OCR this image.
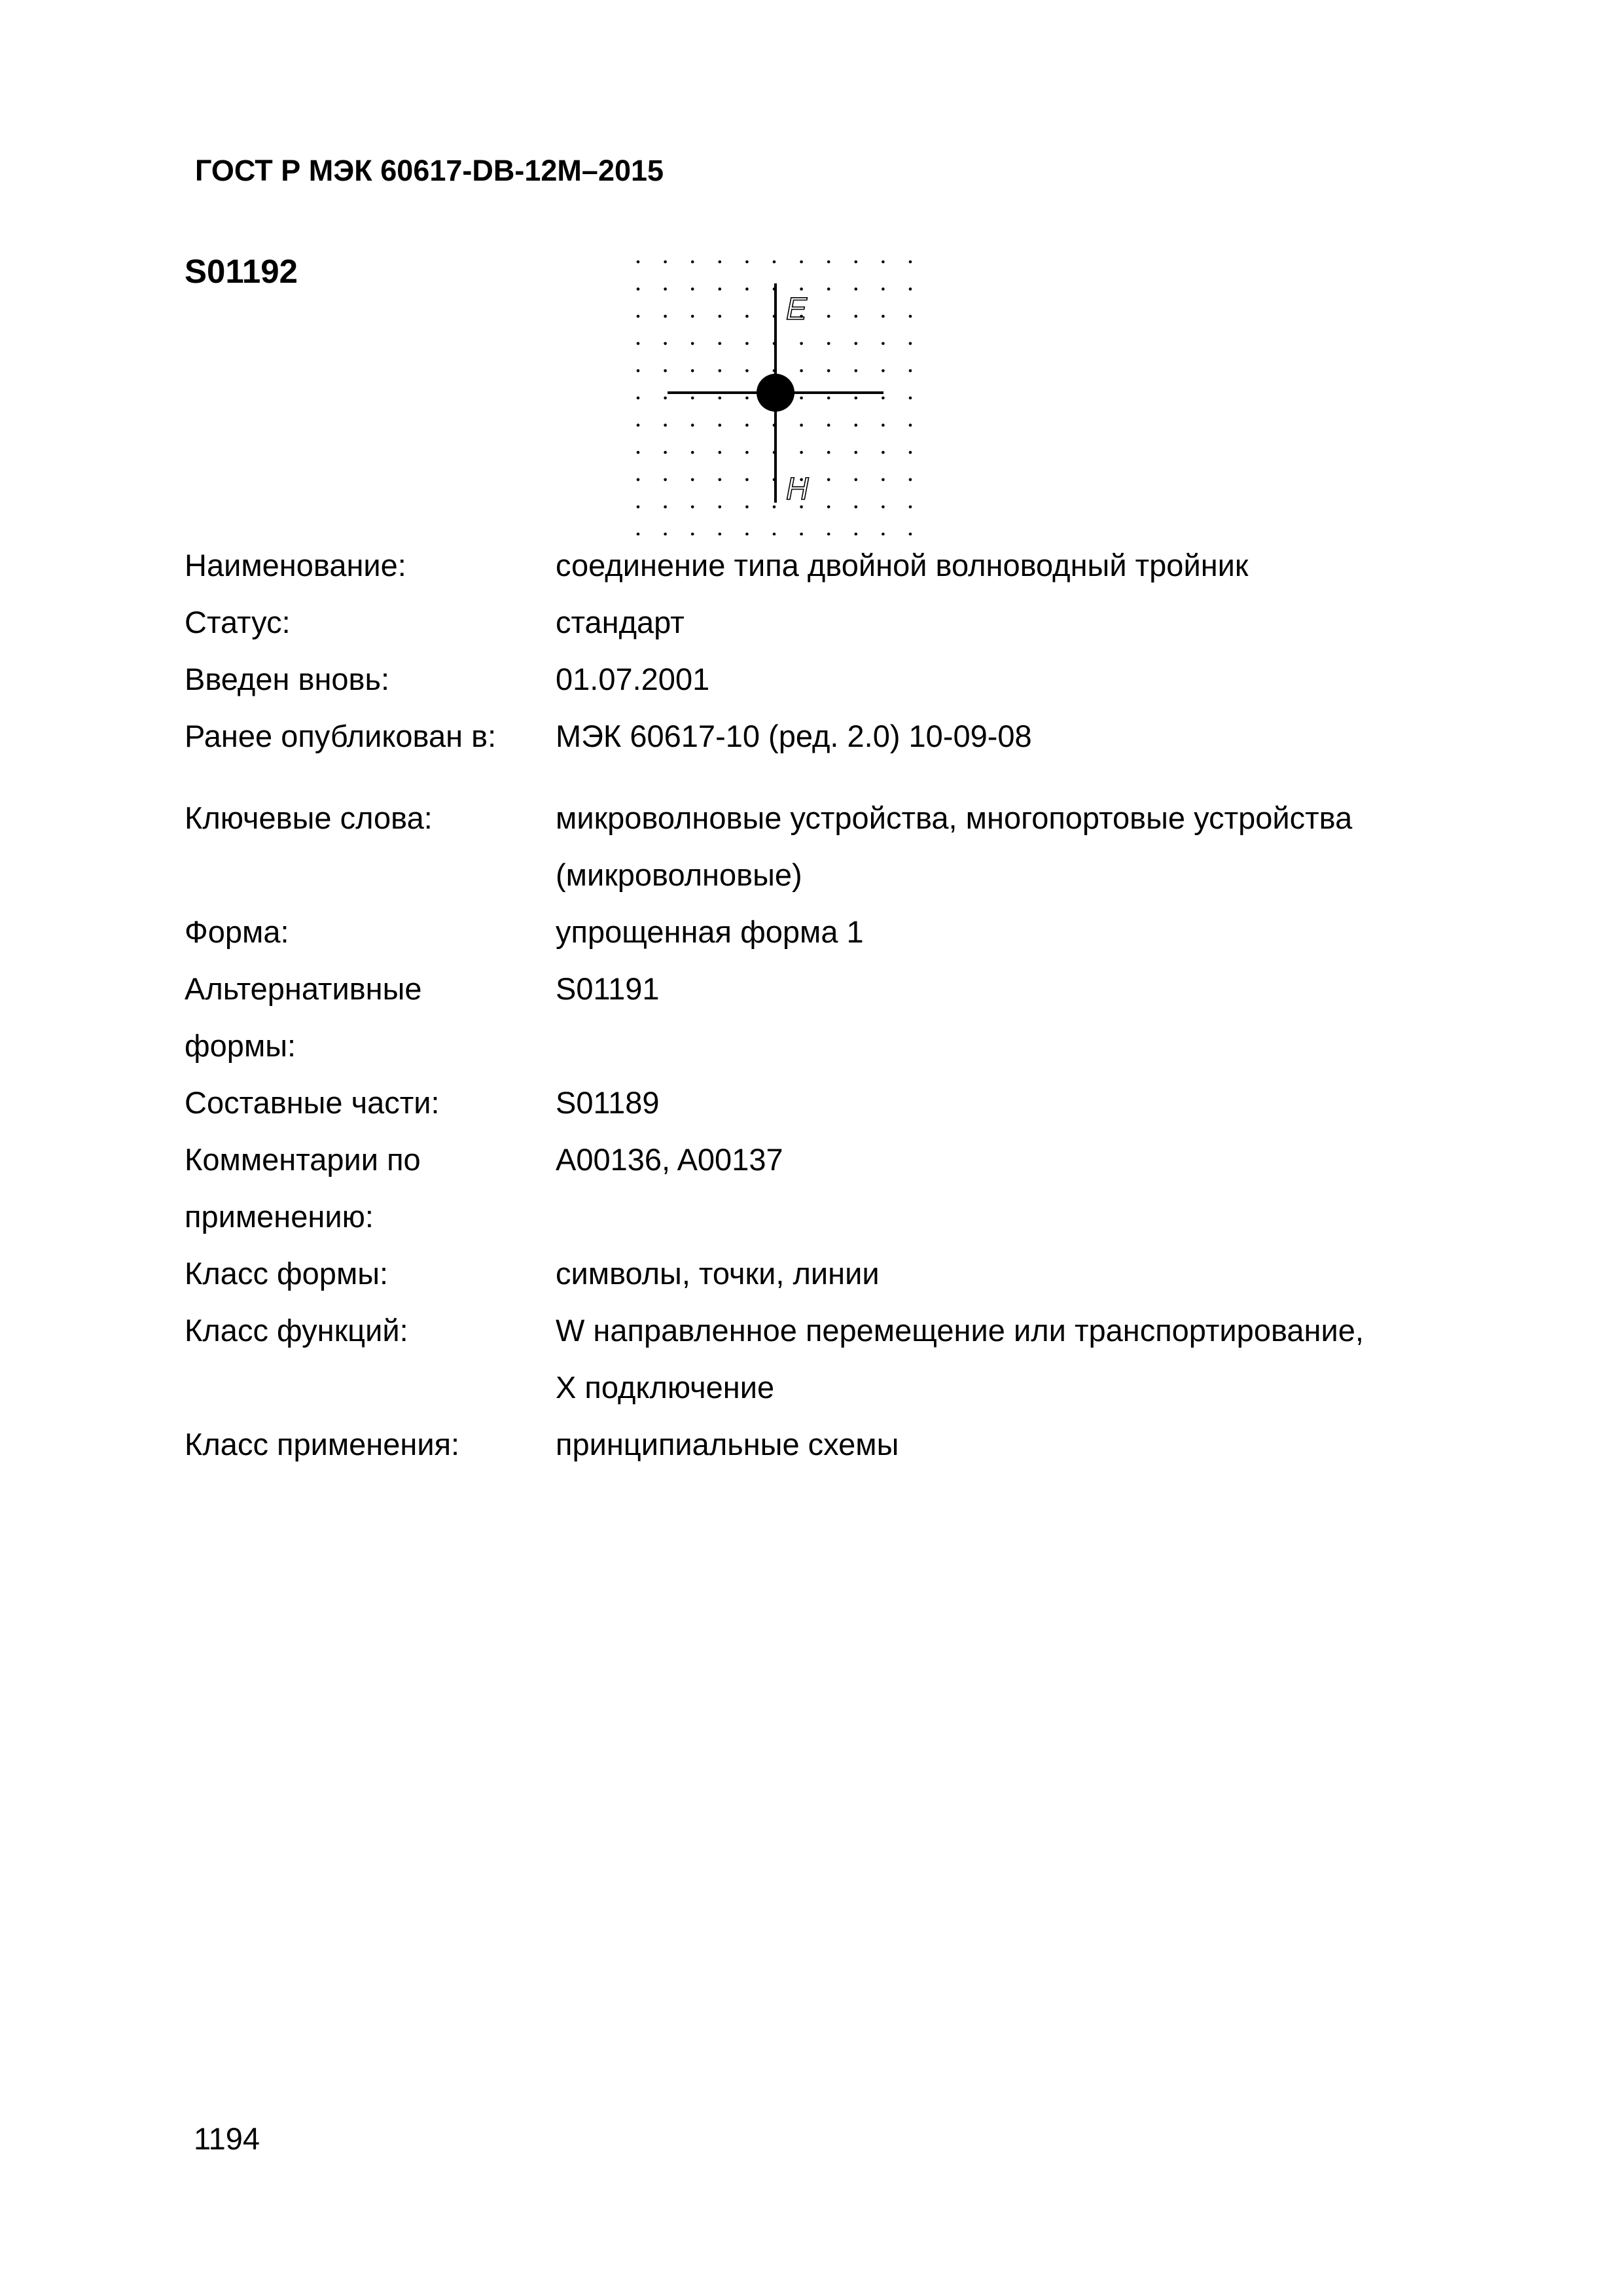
ГОСТ Р МЭК 60617-DB-12M–2015
S01192
E
H
Наименование:	соединение типа двойной волноводный тройник
Статус:	стандарт
Введен вновь:	01.07.2001
Ранее опубликован в:	МЭК 60617-10 (ред. 2.0) 10-09-08
Ключевые слова:	микроволновые устройства, многопортовые устройства
(микроволновые)
Форма:	упрощенная форма 1
Альтернативные
формы:
S01191
Составные части:	S01189
Комментарии по
применению:
A00136, A00137
Класс формы:	символы, точки, линии
Класс функций:	W направленное перемещение или транспортирование,
X подключение
Класс применения:	принципиальные схемы
1194
